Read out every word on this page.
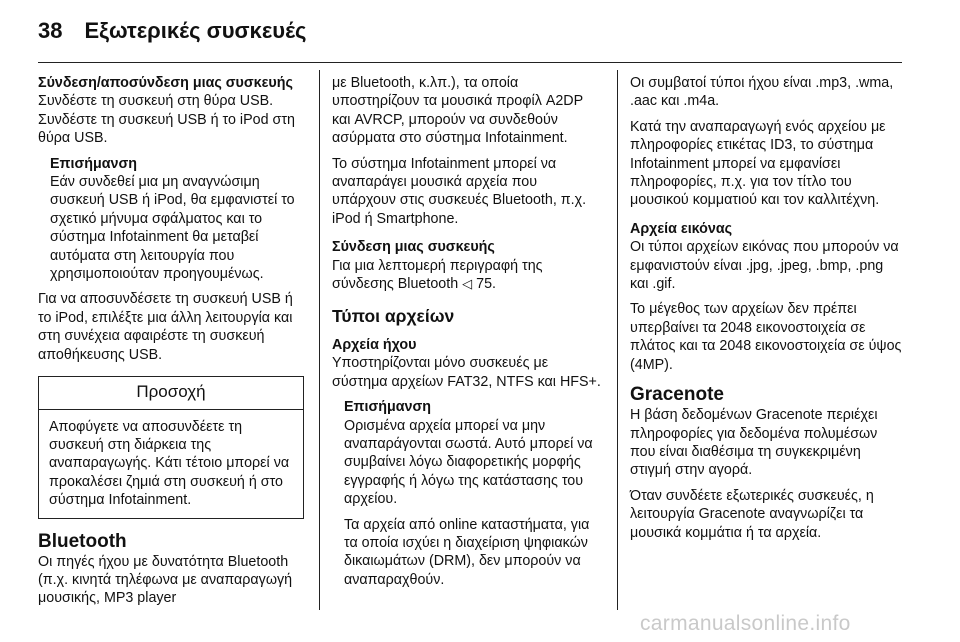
38 Εξωτερικές συσκευές
Σύνδεση/αποσύνδεση μιας συσκευής

Συνδέστε τη συσκευή στη θύρα USB. Συνδέστε τη συσκευή USB ή το iPod στη θύρα USB.

Επισήμανση

Εάν συνδεθεί μια μη αναγνώσιμη συσκευή USB ή iPod, θα εμφανιστεί το σχετικό μήνυμα σφάλματος και το σύστημα Infotainment θα μεταβεί αυτόματα στη λειτουργία που χρησιμοποιούταν προηγουμένως.

Για να αποσυνδέσετε τη συσκευή USB ή το iPod, επιλέξτε μια άλλη λειτουργία και στη συνέχεια αφαιρέστε τη συσκευή αποθήκευσης USB.

Προσοχή
Αποφύγετε να αποσυνδέετε τη συσκευή στη διάρκεια της αναπαραγωγής. Κάτι τέτοιο μπορεί να προκαλέσει ζημιά στη συσκευή ή στο σύστημα Infotainment.
Bluetooth

Οι πηγές ήχου με δυνατότητα Bluetooth (π.χ. κινητά τηλέφωνα με αναπαραγωγή μουσικής, MP3 player

με Bluetooth, κ.λπ.), τα οποία υποστηρίζουν τα μουσικά προφίλ A2DP και AVRCP, μπορούν να συνδεθούν ασύρματα στο σύστημα Infotainment.

Το σύστημα Infotainment μπορεί να αναπαράγει μουσικά αρχεία που υπάρχουν στις συσκευές Bluetooth, π.χ. iPod ή Smartphone.

Σύνδεση μιας συσκευής

Για μια λεπτομερή περιγραφή της σύνδεσης Bluetooth ◁ 75.

Τύποι αρχείων
Αρχεία ήχου

Υποστηρίζονται μόνο συσκευές με σύστημα αρχείων FAT32, NTFS και HFS+.

Επισήμανση

Ορισμένα αρχεία μπορεί να μην αναπαράγονται σωστά. Αυτό μπορεί να συμβαίνει λόγω διαφορετικής μορφής εγγραφής ή λόγω της κατάστασης του αρχείου.

Τα αρχεία από online καταστήματα, για τα οποία ισχύει η διαχείριση ψηφιακών δικαιωμάτων (DRM), δεν μπορούν να αναπαραχθούν.

Οι συμβατοί τύποι ήχου είναι .mp3, .wma, .aac και .m4a.

Κατά την αναπαραγωγή ενός αρχείου με πληροφορίες ετικέτας ID3, το σύστημα Infotainment μπορεί να εμφανίσει πληροφορίες, π.χ. για τον τίτλο του μουσικού κομματιού και τον καλλιτέχνη.

Αρχεία εικόνας

Οι τύποι αρχείων εικόνας που μπορούν να εμφανιστούν είναι .jpg, .jpeg, .bmp, .png και .gif.

Το μέγεθος των αρχείων δεν πρέπει υπερβαίνει τα 2048 εικονοστοιχεία σε πλάτος και τα 2048 εικονοστοιχεία σε ύψος (4MP).

Gracenote

Η βάση δεδομένων Gracenote περιέχει πληροφορίες για δεδομένα πολυμέσων που είναι διαθέσιμα τη συγκεκριμένη στιγμή στην αγορά.

Όταν συνδέετε εξωτερικές συσκευές, η λειτουργία Gracenote αναγνωρίζει τα μουσικά κομμάτια ή τα αρχεία.

carmanualsonline.info
